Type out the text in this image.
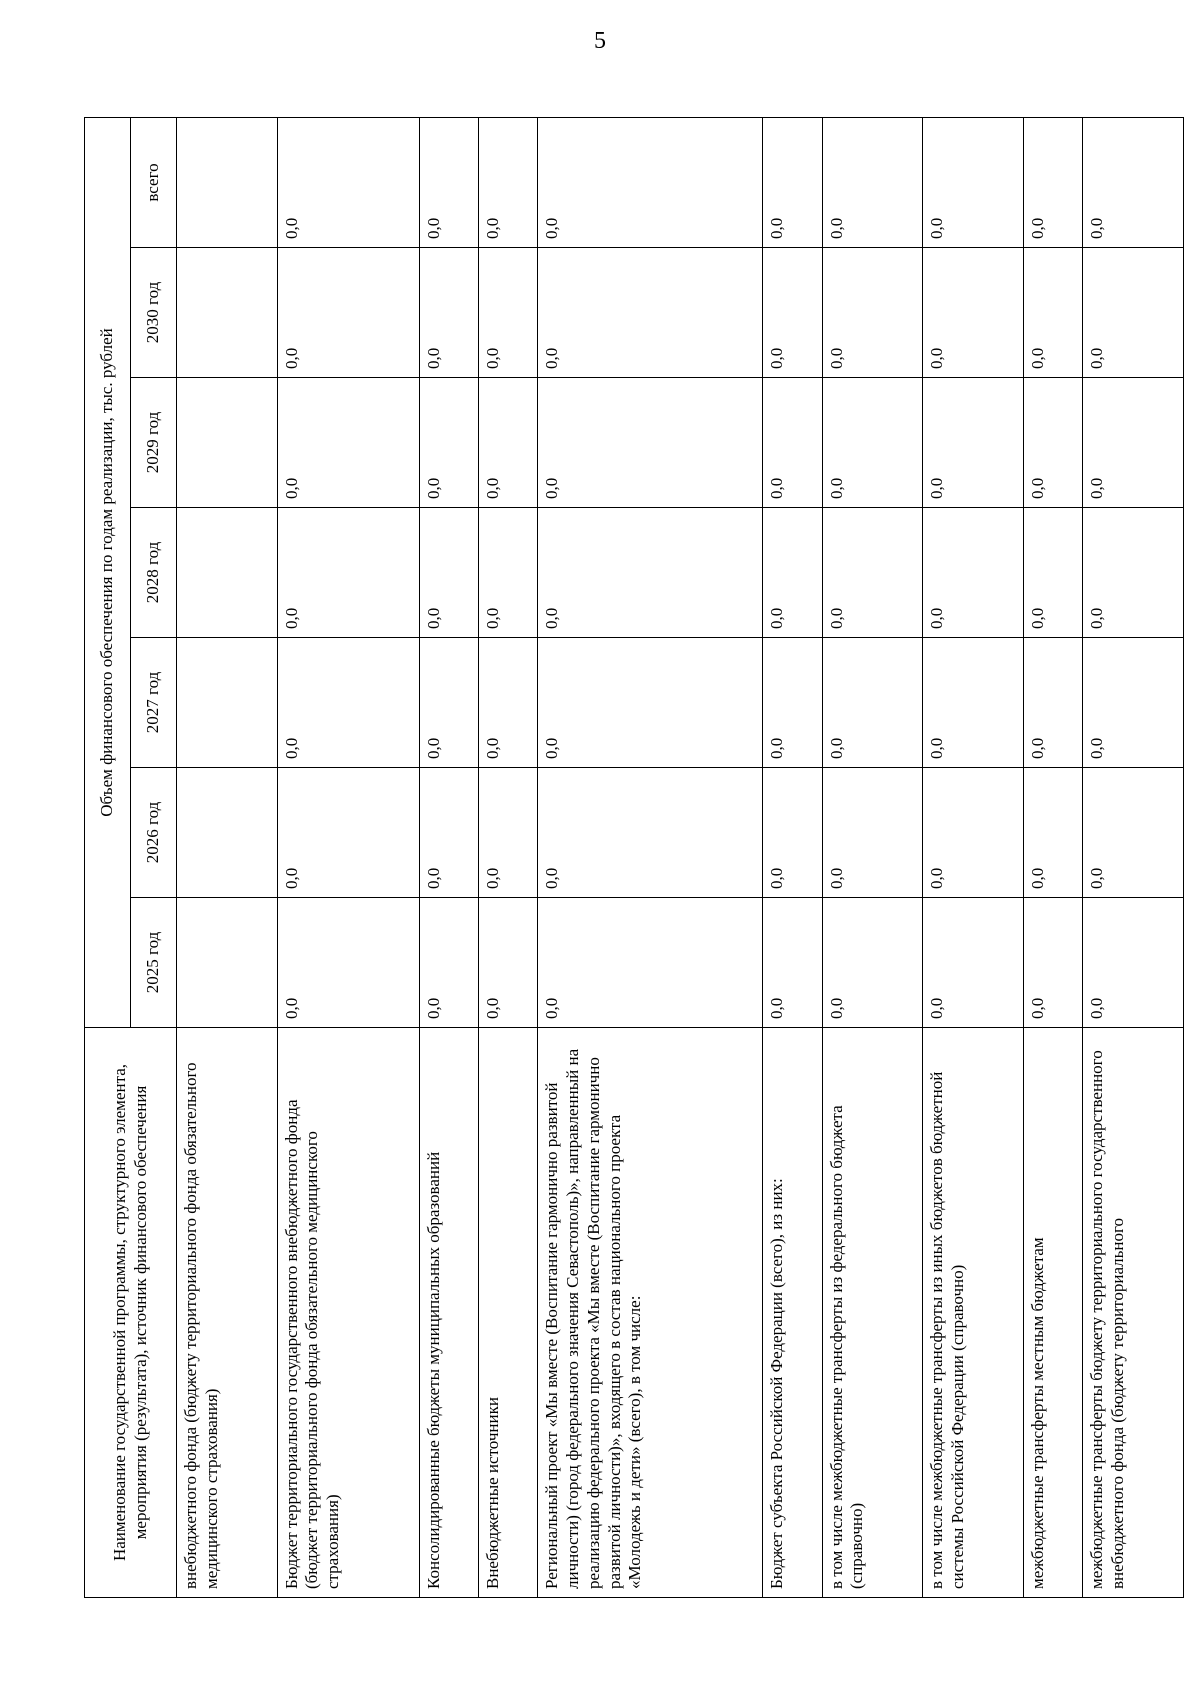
5
Наименование государственной программы, структурного элемента, мероприятия (результата), источник финансового обеспечения	Объем финансового обеспечения по годам реализации, тыс. рублей						
	2025 год	2026 год	2027 год	2028 год	2029 год	2030 год	всего
внебюджетного фонда (бюджету территориального фонда обязательного медицинского страхования)							
Бюджет территориального государственного внебюджетного фонда (бюджет территориального фонда обязательного медицинского страхования)	0,0	0,0	0,0	0,0	0,0	0,0	0,0
Консолидированные бюджеты муниципальных образований	0,0	0,0	0,0	0,0	0,0	0,0	0,0
Внебюджетные источники	0,0	0,0	0,0	0,0	0,0	0,0	0,0
Региональный проект «Мы вместе (Воспитание гармонично развитой личности) (город федерального значения Севастополь)», направленный на реализацию федерального проекта «Мы вместе (Воспитание гармонично развитой личности)», входящего в состав национального проекта «Молодежь и дети» (всего), в том числе:	0,0	0,0	0,0	0,0	0,0	0,0	0,0
Бюджет субъекта Российской Федерации (всего), из них:	0,0	0,0	0,0	0,0	0,0	0,0	0,0
в том числе межбюджетные трансферты из федерального бюджета (справочно)	0,0	0,0	0,0	0,0	0,0	0,0	0,0
в том числе межбюджетные трансферты из иных бюджетов бюджетной системы Российской Федерации (справочно)	0,0	0,0	0,0	0,0	0,0	0,0	0,0
межбюджетные трансферты местным бюджетам	0,0	0,0	0,0	0,0	0,0	0,0	0,0
межбюджетные трансферты бюджету территориального государственного внебюджетного фонда (бюджету территориального	0,0	0,0	0,0	0,0	0,0	0,0	0,0
